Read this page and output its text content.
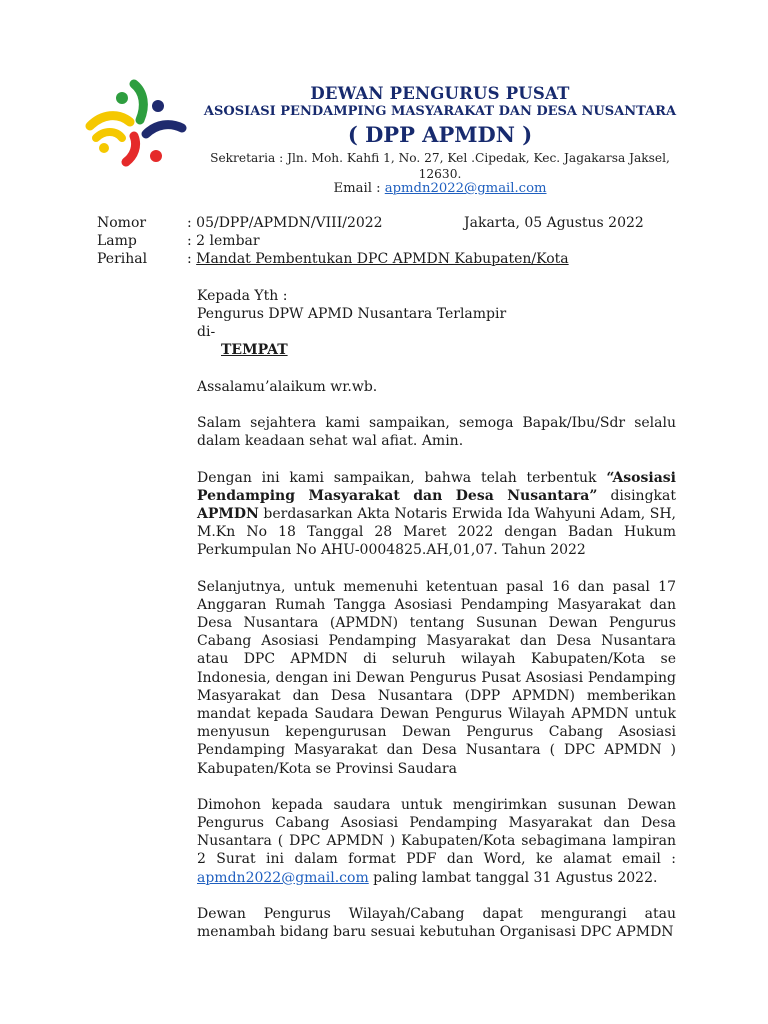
DEWAN PENGURUS PUSAT
ASOSIASI PENDAMPING MASYARAKAT DAN DESA NUSANTARA
( DPP APMDN )
Sekretaria : Jln. Moh. Kahfi 1, No. 27, Kel .Cipedak, Kec. Jagakarsa Jaksel, 12630.
Email : apmdn2022@gmail.com
Nomor	: 05/DPP/APMDN/VIII/2022	Jakarta, 05 Agustus 2022
Lamp	: 2 lembar
Perihal	: Mandat Pembentukan DPC APMDN Kabupaten/Kota
Kepada Yth :
Pengurus DPW APMD Nusantara Terlampir
di-
TEMPAT

Assalamu’alaikum wr.wb.

Salam sejahtera kami sampaikan, semoga Bapak/Ibu/Sdr selalu dalam keadaan sehat wal afiat. Amin.

Dengan ini kami sampaikan, bahwa telah terbentuk “Asosiasi Pendamping Masyarakat dan Desa Nusantara” disingkat APMDN berdasarkan Akta Notaris Erwida Ida Wahyuni Adam, SH, M.Kn No 18 Tanggal 28 Maret 2022 dengan Badan Hukum Perkumpulan No AHU-0004825.AH,01,07. Tahun 2022

Selanjutnya, untuk memenuhi ketentuan pasal 16 dan pasal 17 Anggaran Rumah Tangga Asosiasi Pendamping Masyarakat dan Desa Nusantara (APMDN) tentang Susunan Dewan Pengurus Cabang Asosiasi Pendamping Masyarakat dan Desa Nusantara atau DPC APMDN di seluruh wilayah Kabupaten/Kota se Indonesia, dengan ini Dewan Pengurus Pusat Asosiasi Pendamping Masyarakat dan Desa Nusantara (DPP APMDN) memberikan mandat kepada Saudara Dewan Pengurus Wilayah APMDN untuk menyusun kepengurusan Dewan Pengurus Cabang Asosiasi Pendamping Masyarakat dan Desa Nusantara ( DPC APMDN ) Kabupaten/Kota se Provinsi Saudara

Dimohon kepada saudara untuk mengirimkan susunan Dewan Pengurus Cabang Asosiasi Pendamping Masyarakat dan Desa Nusantara ( DPC APMDN ) Kabupaten/Kota sebagimana lampiran 2 Surat ini dalam format PDF dan Word, ke alamat email : apmdn2022@gmail.com paling lambat tanggal 31 Agustus 2022.

Dewan Pengurus Wilayah/Cabang dapat mengurangi atau menambah bidang baru sesuai kebutuhan Organisasi DPC APMDN
